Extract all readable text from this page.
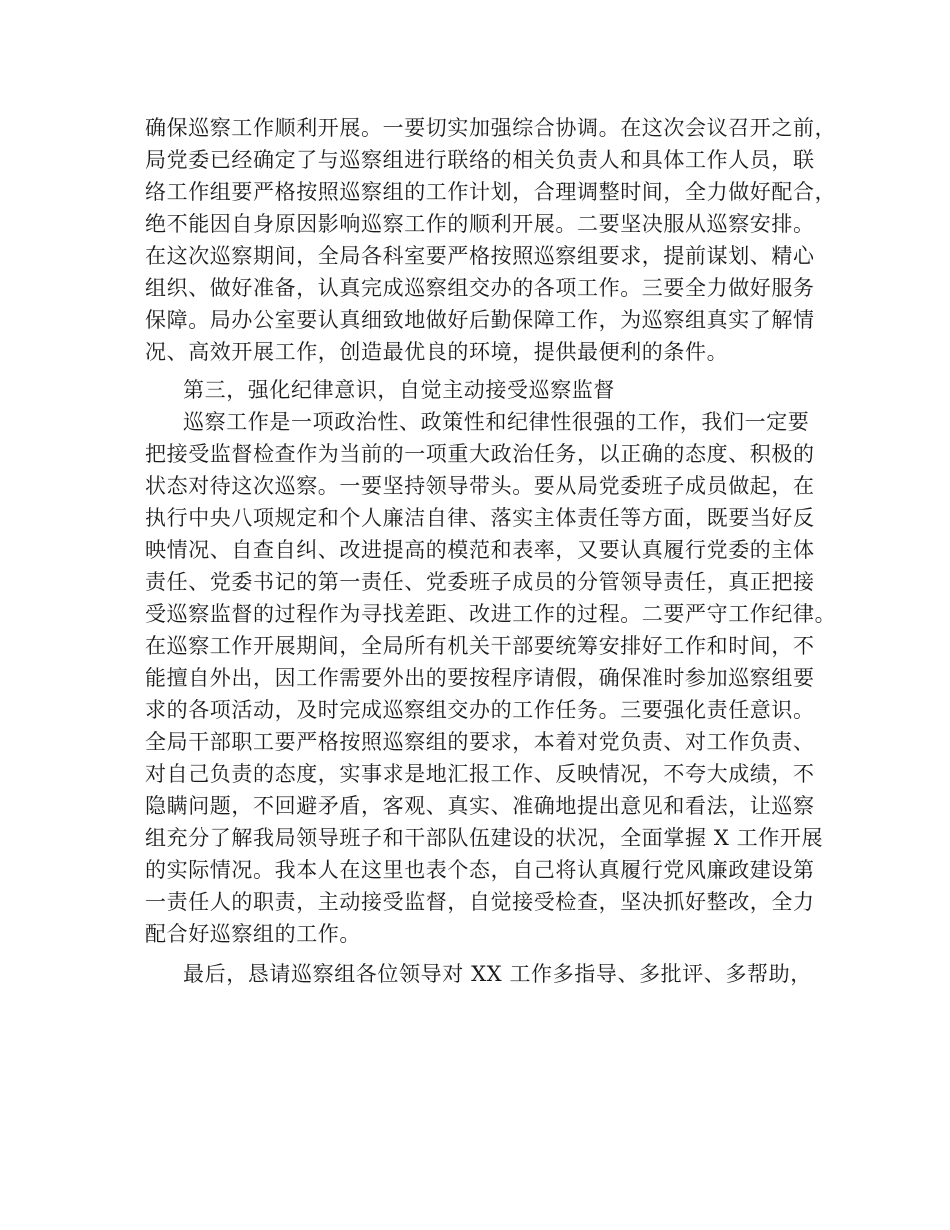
确保巡察工作顺利开展。一要切实加强综合协调。在这次会议召开之前，
局党委已经确定了与巡察组进行联络的相关负责人和具体工作人员，联
络工作组要严格按照巡察组的工作计划，合理调整时间，全力做好配合，
绝不能因自身原因影响巡察工作的顺利开展。二要坚决服从巡察安排。
在这次巡察期间，全局各科室要严格按照巡察组要求，提前谋划、精心
组织、做好准备，认真完成巡察组交办的各项工作。三要全力做好服务
保障。局办公室要认真细致地做好后勤保障工作，为巡察组真实了解情
况、高效开展工作，创造最优良的环境，提供最便利的条件。
第三，强化纪律意识，自觉主动接受巡察监督
巡察工作是一项政治性、政策性和纪律性很强的工作，我们一定要
把接受监督检查作为当前的一项重大政治任务，以正确的态度、积极的
状态对待这次巡察。一要坚持领导带头。要从局党委班子成员做起，在
执行中央八项规定和个人廉洁自律、落实主体责任等方面，既要当好反
映情况、自查自纠、改进提高的模范和表率，又要认真履行党委的主体
责任、党委书记的第一责任、党委班子成员的分管领导责任，真正把接
受巡察监督的过程作为寻找差距、改进工作的过程。二要严守工作纪律。
在巡察工作开展期间，全局所有机关干部要统筹安排好工作和时间，不
能擅自外出，因工作需要外出的要按程序请假，确保准时参加巡察组要
求的各项活动，及时完成巡察组交办的工作任务。三要强化责任意识。
全局干部职工要严格按照巡察组的要求，本着对党负责、对工作负责、
对自己负责的态度，实事求是地汇报工作、反映情况，不夸大成绩，不
隐瞒问题，不回避矛盾，客观、真实、准确地提出意见和看法，让巡察
组充分了解我局领导班子和干部队伍建设的状况，全面掌握 X 工作开展
的实际情况。我本人在这里也表个态，自己将认真履行党风廉政建设第
一责任人的职责，主动接受监督，自觉接受检查，坚决抓好整改，全力
配合好巡察组的工作。
最后，恳请巡察组各位领导对 XX 工作多指导、多批评、多帮助，
